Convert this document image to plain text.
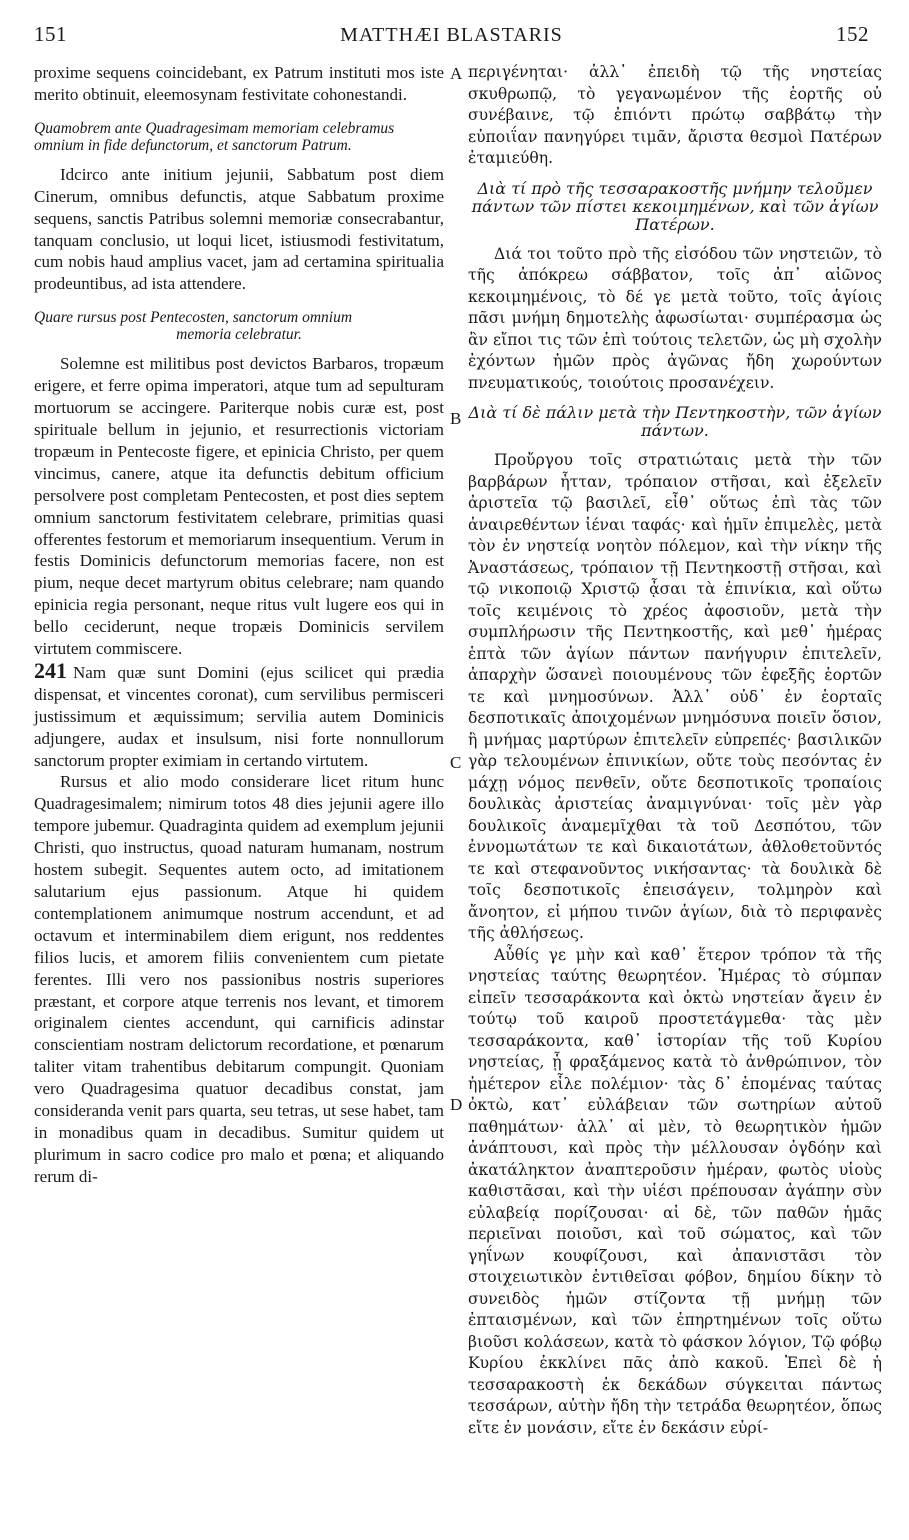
151	MATTHÆI BLASTARIS	152

proxime sequens coincidebant, ex Patrum instituti mos iste merito obtinuit, eleemosynam festivitate cohonestandi.

Quamobrem ante Quadragesimam memoriam celebramus omnium in fide defunctorum, et sanctorum Patrum.

Idcirco ante initium jejunii, Sabbatum post diem Cinerum, omnibus defunctis, atque Sabbatum proxime sequens, sanctis Patribus solemni memoriæ consecrabantur, tanquam conclusio, ut loqui licet, istiusmodi festivitatum, cum nobis haud amplius vacet, jam ad certamina spiritualia prodeuntibus, ad ista attendere.

Quare rursus post Pentecosten, sanctorum omnium
memoria celebratur.

Solemne est militibus post devictos Barbaros, tropæum erigere, et ferre opima imperatori, atque tum ad sepulturam mortuorum se accingere. Pariterque nobis curæ est, post spirituale bellum in jejunio, et resurrectionis victoriam tropæum in Pentecoste figere, et epinicia Christo, per quem vincimus, canere, atque ita defunctis debitum officium persolvere post completam Pentecosten, et post dies septem omnium sanctorum festivitatem celebrare, primitias quasi offerentes festorum et memoriarum insequentium. Verum in festis Dominicis defunctorum memorias facere, non est pium, neque decet martyrum obitus celebrare; nam quando epinicia regia personant, neque ritus vult lugere eos qui in bello ceciderunt, neque tropæis Dominicis servilem virtutem commiscere.

241 Nam quæ sunt Domini (ejus scilicet qui prædia dispensat, et vincentes coronat), cum servilibus permisceri justissimum et æquissimum; servilia autem Dominicis adjungere, audax et insulsum, nisi forte nonnullorum sanctorum propter eximiam in certando virtutem.

Rursus et alio modo considerare licet ritum hunc Quadragesimalem; nimirum totos 48 dies jejunii agere illo tempore jubemur. Quadraginta quidem ad exemplum jejunii Christi, quo instructus, quoad naturam humanam, nostrum hostem subegit. Sequentes autem octo, ad imitationem salutarium ejus passionum. Atque hi quidem contemplationem animumque nostrum accendunt, et ad octavum et interminabilem diem erigunt, nos reddentes filios lucis, et amorem filiis convenientem cum pietate ferentes. Illi vero nos passionibus nostris superiores præstant, et corpore atque terrenis nos levant, et timorem originalem cientes accendunt, qui carnificis adinstar conscientiam nostram delictorum recordatione, et pœnarum taliter vitam trahentibus debitarum compungit. Quoniam vero Quadragesima quatuor decadibus constat, jam consideranda venit pars quarta, seu tetras, ut sese habet, tam in monadibus quam in decadibus. Sumitur quidem ut plurimum in sacro codice pro malo et pœna; et aliquando rerum di-

A
B
C
D

περιγένηται· ἀλλ᾽ ἐπειδὴ τῷ τῆς νηστείας σκυθρωπῷ, τὸ γεγανωμένον τῆς ἑορτῆς οὐ συνέβαινε, τῷ ἐπιόντι πρώτῳ σαββάτῳ τὴν εὐποιΐαν πανηγύρει τιμᾶν, ἄριστα θεσμοὶ Πατέρων ἐταμιεύθη.

Διὰ τί πρὸ τῆς τεσσαρακοστῆς μνήμην τελοῦμεν πάντων τῶν πίστει κεκοιμημένων, καὶ τῶν ἁγίων Πατέρων.

Διά τοι τοῦτο πρὸ τῆς εἰσόδου τῶν νηστειῶν, τὸ τῆς ἀπόκρεω σάββατον, τοῖς ἀπ᾽ αἰῶνος κεκοιμημένοις, τὸ δέ γε μετὰ τοῦτο, τοῖς ἁγίοις πᾶσι μνήμη δημοτελὴς ἀφωσίωται· συμπέρασμα ὡς ἂν εἴποι τις τῶν ἐπὶ τούτοις τελετῶν, ὡς μὴ σχολὴν ἐχόντων ἡμῶν πρὸς ἀγῶνας ἤδη χωρούντων πνευματικούς, τοιούτοις προσανέχειν.

Διὰ τί δὲ πάλιν μετὰ τὴν Πεντηκοστὴν, τῶν ἁγίων πάντων.

Προὔργου τοῖς στρατιώταις μετὰ τὴν τῶν βαρβάρων ἧτταν, τρόπαιον στῆσαι, καὶ ἐξελεῖν ἀριστεῖα τῷ βασιλεῖ, εἶθ᾽ οὕτως ἐπὶ τὰς τῶν ἀναιρεθέντων ἰέναι ταφάς· καὶ ἡμῖν ἐπιμελὲς, μετὰ τὸν ἐν νηστείᾳ νοητὸν πόλεμον, καὶ τὴν νίκην τῆς Ἀναστάσεως, τρόπαιον τῇ Πεντηκοστῇ στῆσαι, καὶ τῷ νικοποιῷ Χριστῷ ᾆσαι τὰ ἐπινίκια, καὶ οὕτω τοῖς κειμένοις τὸ χρέος ἀφοσιοῦν, μετὰ τὴν συμπλήρωσιν τῆς Πεντηκοστῆς, καὶ μεθ᾽ ἡμέρας ἑπτὰ τῶν ἁγίων πάντων πανήγυριν ἐπιτελεῖν, ἀπαρχὴν ὥσανεὶ ποιουμένους τῶν ἐφεξῆς ἑορτῶν τε καὶ μνημοσύνων. Ἀλλ᾽ οὐδ᾽ ἐν ἑορταῖς δεσποτικαῖς ἀποιχομένων μνημόσυνα ποιεῖν ὅσιον, ἢ μνήμας μαρτύρων ἐπιτελεῖν εὐπρεπές· βασιλικῶν γὰρ τελουμένων ἐπινικίων, οὔτε τοὺς πεσόντας ἐν μάχῃ νόμος πενθεῖν, οὔτε δεσποτικοῖς τροπαίοις δουλικὰς ἀριστείας ἀναμιγνύναι· τοῖς μὲν γὰρ δουλικοῖς ἀναμεμῖχθαι τὰ τοῦ Δεσπότου, τῶν ἐννομωτάτων τε καὶ δικαιοτάτων, ἀθλοθετοῦντός τε καὶ στεφανοῦντος νικήσαντας· τὰ δουλικὰ δὲ τοῖς δεσποτικοῖς ἐπεισάγειν, τολμηρὸν καὶ ἄνοητον, εἰ μήπου τινῶν ἁγίων, διὰ τὸ περιφανὲς τῆς ἀθλήσεως.

Αὖθίς γε μὴν καὶ καθ᾽ ἕτερον τρόπον τὰ τῆς νηστείας ταύτης θεωρητέον. Ἡμέρας τὸ σύμπαν εἰπεῖν τεσσαράκοντα καὶ ὀκτὼ νηστείαν ἄγειν ἐν τούτῳ τοῦ καιροῦ προστετάγμεθα· τὰς μὲν τεσσαράκοντα, καθ᾽ ἱστορίαν τῆς τοῦ Κυρίου νηστείας, ᾗ φραξάμενος κατὰ τὸ ἀνθρώπινον, τὸν ἡμέτερον εἷλε πολέμιον· τὰς δ᾽ ἑπομένας ταύτας ὀκτὼ, κατ᾽ εὐλάβειαν τῶν σωτηρίων αὐτοῦ παθημάτων· ἀλλ᾽ αἱ μὲν, τὸ θεωρητικὸν ἡμῶν ἀνάπτουσι, καὶ πρὸς τὴν μέλλουσαν ὀγδόην καὶ ἀκατάληκτον ἀναπτεροῦσιν ἡμέραν, φωτὸς υἱοὺς καθιστᾶσαι, καὶ τὴν υἱέσι πρέπουσαν ἀγάπην σὺν εὐλαβείᾳ πορίζουσαι· αἱ δὲ, τῶν παθῶν ἡμᾶς περιεῖναι ποιοῦσι, καὶ τοῦ σώματος, καὶ τῶν γηΐνων κουφίζουσι, καὶ ἀπανιστᾶσι τὸν στοιχειωτικὸν ἐντιθεῖσαι φόβον, δημίου δίκην τὸ συνειδὸς ἡμῶν στίζοντα τῇ μνήμῃ τῶν ἐπταισμένων, καὶ τῶν ἐπηρτημένων τοῖς οὕτω βιοῦσι κολάσεων, κατὰ τὸ φάσκον λόγιον, Τῷ φόβῳ Κυρίου ἐκκλίνει πᾶς ἀπὸ κακοῦ. Ἐπεὶ δὲ ἡ τεσσαρακοστὴ ἐκ δεκάδων σύγκειται πάντως τεσσάρων, αὐτὴν ἤδη τὴν τετράδα θεωρητέον, ὅπως εἴτε ἐν μονάσιν, εἴτε ἐν δεκάσιν εὑρί-
